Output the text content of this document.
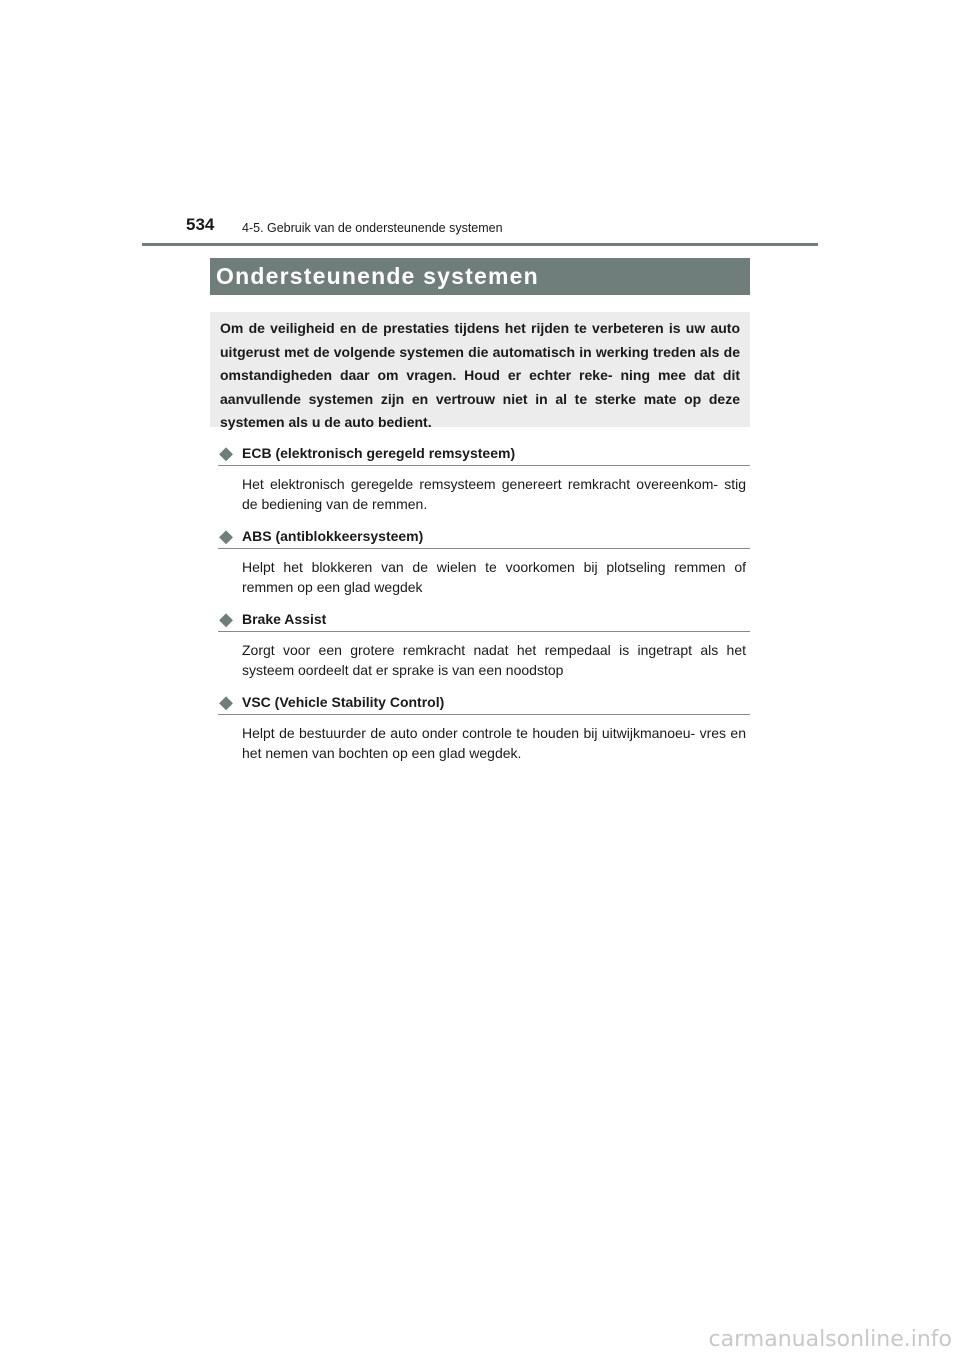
534 4-5. Gebruik van de ondersteunende systemen
Ondersteunende systemen

Om de veiligheid en de prestaties tijdens het rijden te verbeteren is uw auto uitgerust met de volgende systemen die automatisch in werking treden als de omstandigheden daar om vragen. Houd er echter reke- ning mee dat dit aanvullende systemen zijn en vertrouw niet in al te sterke mate op deze systemen als u de auto bedient.

◆ ECB (elektronisch geregeld remsysteem)
Het elektronisch geregelde remsysteem genereert remkracht overeenkom- stig de bediening van de remmen.
◆ ABS (antiblokkeersysteem)
Helpt het blokkeren van de wielen te voorkomen bij plotseling remmen of remmen op een glad wegdek
◆ Brake Assist
Zorgt voor een grotere remkracht nadat het rempedaal is ingetrapt als het systeem oordeelt dat er sprake is van een noodstop
◆ VSC (Vehicle Stability Control)
Helpt de bestuurder de auto onder controle te houden bij uitwijkmanoeu- vres en het nemen van bochten op een glad wegdek.
carmanualsonline.info
